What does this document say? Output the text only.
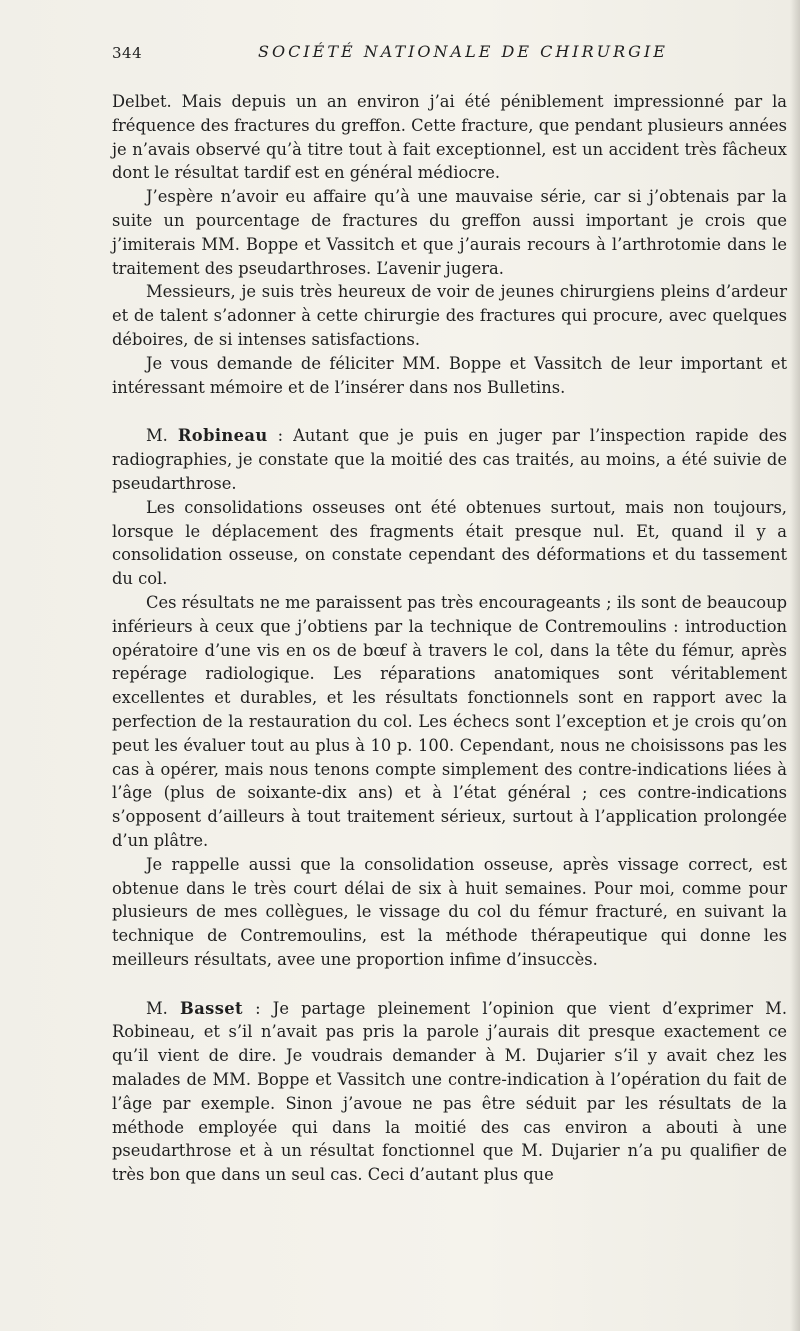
344	SOCIÉTÉ NATIONALE DE CHIRURGIE

Delbet. Mais depuis un an environ j’ai été péniblement impressionné par la fréquence des fractures du greffon. Cette fracture, que pendant plusieurs années je n’avais observé qu’à titre tout à fait exceptionnel, est un accident très fâcheux dont le résultat tardif est en général médiocre.

J’espère n’avoir eu affaire qu’à une mauvaise série, car si j’obtenais par la suite un pourcentage de fractures du greffon aussi important je crois que j’imiterais MM. Boppe et Vassitch et que j’aurais recours à l’arthrotomie dans le traitement des pseudarthroses. L’avenir jugera.

Messieurs, je suis très heureux de voir de jeunes chirurgiens pleins d’ardeur et de talent s’adonner à cette chirurgie des fractures qui procure, avec quelques déboires, de si intenses satisfactions.

Je vous demande de féliciter MM. Boppe et Vassitch de leur important et intéressant mémoire et de l’insérer dans nos Bulletins.

M. Robineau : Autant que je puis en juger par l’inspection rapide des radiographies, je constate que la moitié des cas traités, au moins, a été suivie de pseudarthrose.

Les consolidations osseuses ont été obtenues surtout, mais non toujours, lorsque le déplacement des fragments était presque nul. Et, quand il y a consolidation osseuse, on constate cependant des déformations et du tassement du col.

Ces résultats ne me paraissent pas très encourageants ; ils sont de beaucoup inférieurs à ceux que j’obtiens par la technique de Contremoulins : introduction opératoire d’une vis en os de bœuf à travers le col, dans la tête du fémur, après repérage radiologique. Les réparations anatomiques sont véritablement excellentes et durables, et les résultats fonctionnels sont en rapport avec la perfection de la restauration du col. Les échecs sont l’exception et je crois qu’on peut les évaluer tout au plus à 10 p. 100. Cependant, nous ne choisissons pas les cas à opérer, mais nous tenons compte simplement des contre-indications liées à l’âge (plus de soixante-dix ans) et à l’état général ; ces contre-indications s’opposent d’ailleurs à tout traitement sérieux, surtout à l’application prolongée d’un plâtre.

Je rappelle aussi que la consolidation osseuse, après vissage correct, est obtenue dans le très court délai de six à huit semaines. Pour moi, comme pour plusieurs de mes collègues, le vissage du col du fémur fracturé, en suivant la technique de Contremoulins, est la méthode thérapeutique qui donne les meilleurs résultats, avee une proportion infime d’insuccès.

M. Basset : Je partage pleinement l’opinion que vient d’exprimer M. Robineau, et s’il n’avait pas pris la parole j’aurais dit presque exactement ce qu’il vient de dire. Je voudrais demander à M. Dujarier s’il y avait chez les malades de MM. Boppe et Vassitch une contre-indication à l’opération du fait de l’âge par exemple. Sinon j’avoue ne pas être séduit par les résultats de la méthode employée qui dans la moitié des cas environ a abouti à une pseudarthrose et à un résultat fonctionnel que M. Dujarier n’a pu qualifier de très bon que dans un seul cas. Ceci d’autant plus que
